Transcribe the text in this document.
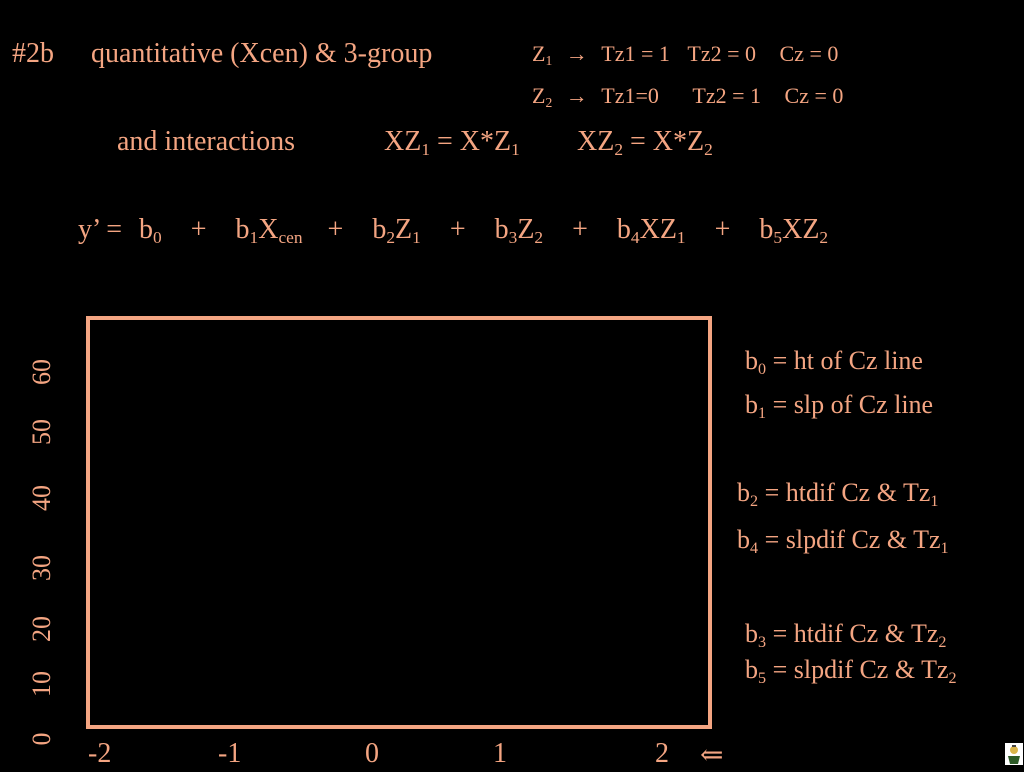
#2b quantitative (Xcen) & 3-group	$Z_1 \to Tz1 = 1$ Tz2 = 0 Cz = 0
$Z_2 \to Tz1=0$ Tz2 = 1 Cz = 0
and interactions	$XZ_1 = X*Z_1$ $XZ_2 = X*Z_2$
y’ = $b_0 + b_1X_{cen} + b_2Z_1 + b_3Z_2 + b_4XZ_1 + b_5XZ_2$
0
10
20
30
40
50
60
-2	-1	0	1	2 ⇐
$b_0$ = ht of Cz line
$b_1$ = slp of Cz line
$b_2$ = htdif Cz & $Tz_1$
$b_4$ = slpdif Cz & $Tz_1$
$b_3$ = htdif Cz & $Tz_2$
$b_5$ = slpdif Cz & $Tz_2$
